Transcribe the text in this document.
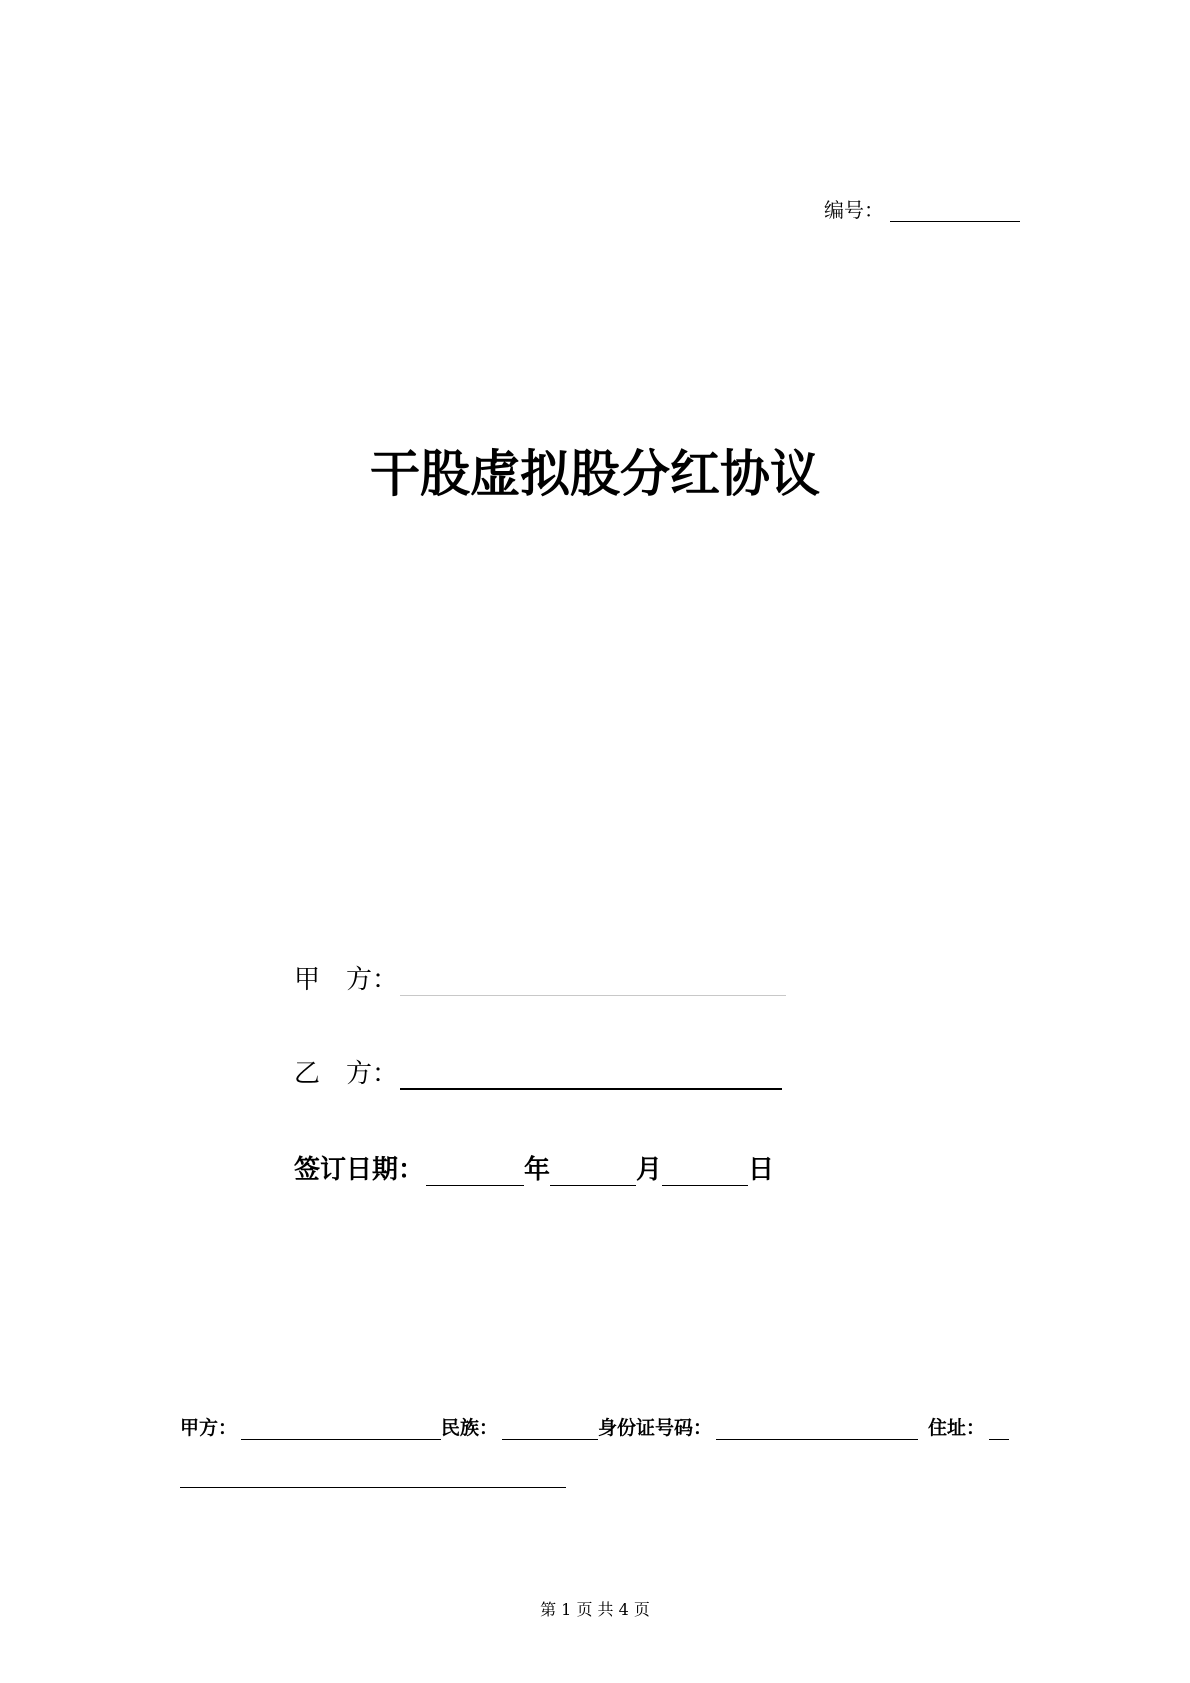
编号：
干股虚拟股分红协议
甲　方：
乙　方：
签订日期：	年	月	日
甲方：	民族：	身份证号码：	住址：
第 1 页 共 4 页
